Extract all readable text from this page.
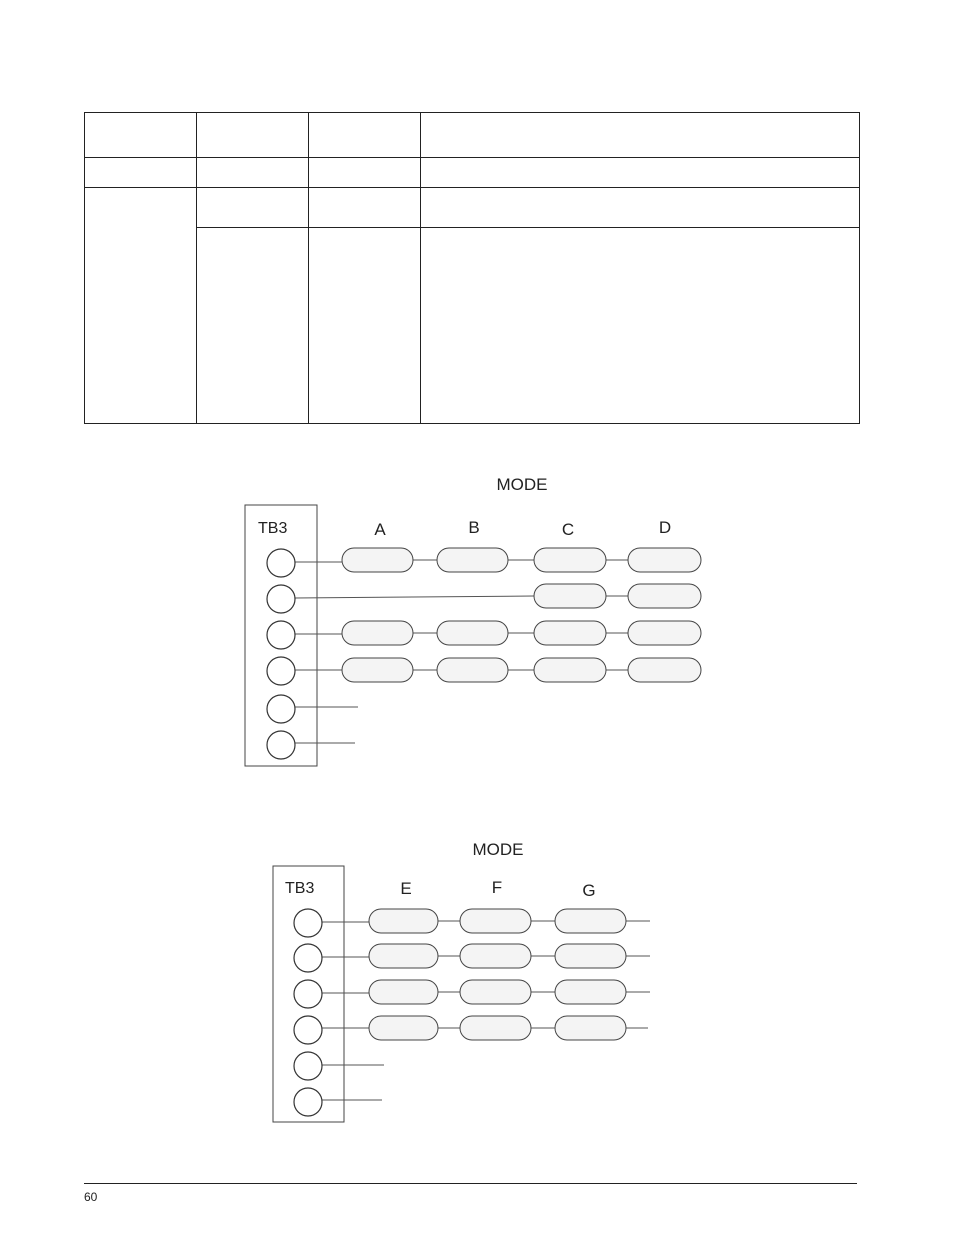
MODE
TB3	A	B	C	D
MODE
TB3	E	F	G
60
